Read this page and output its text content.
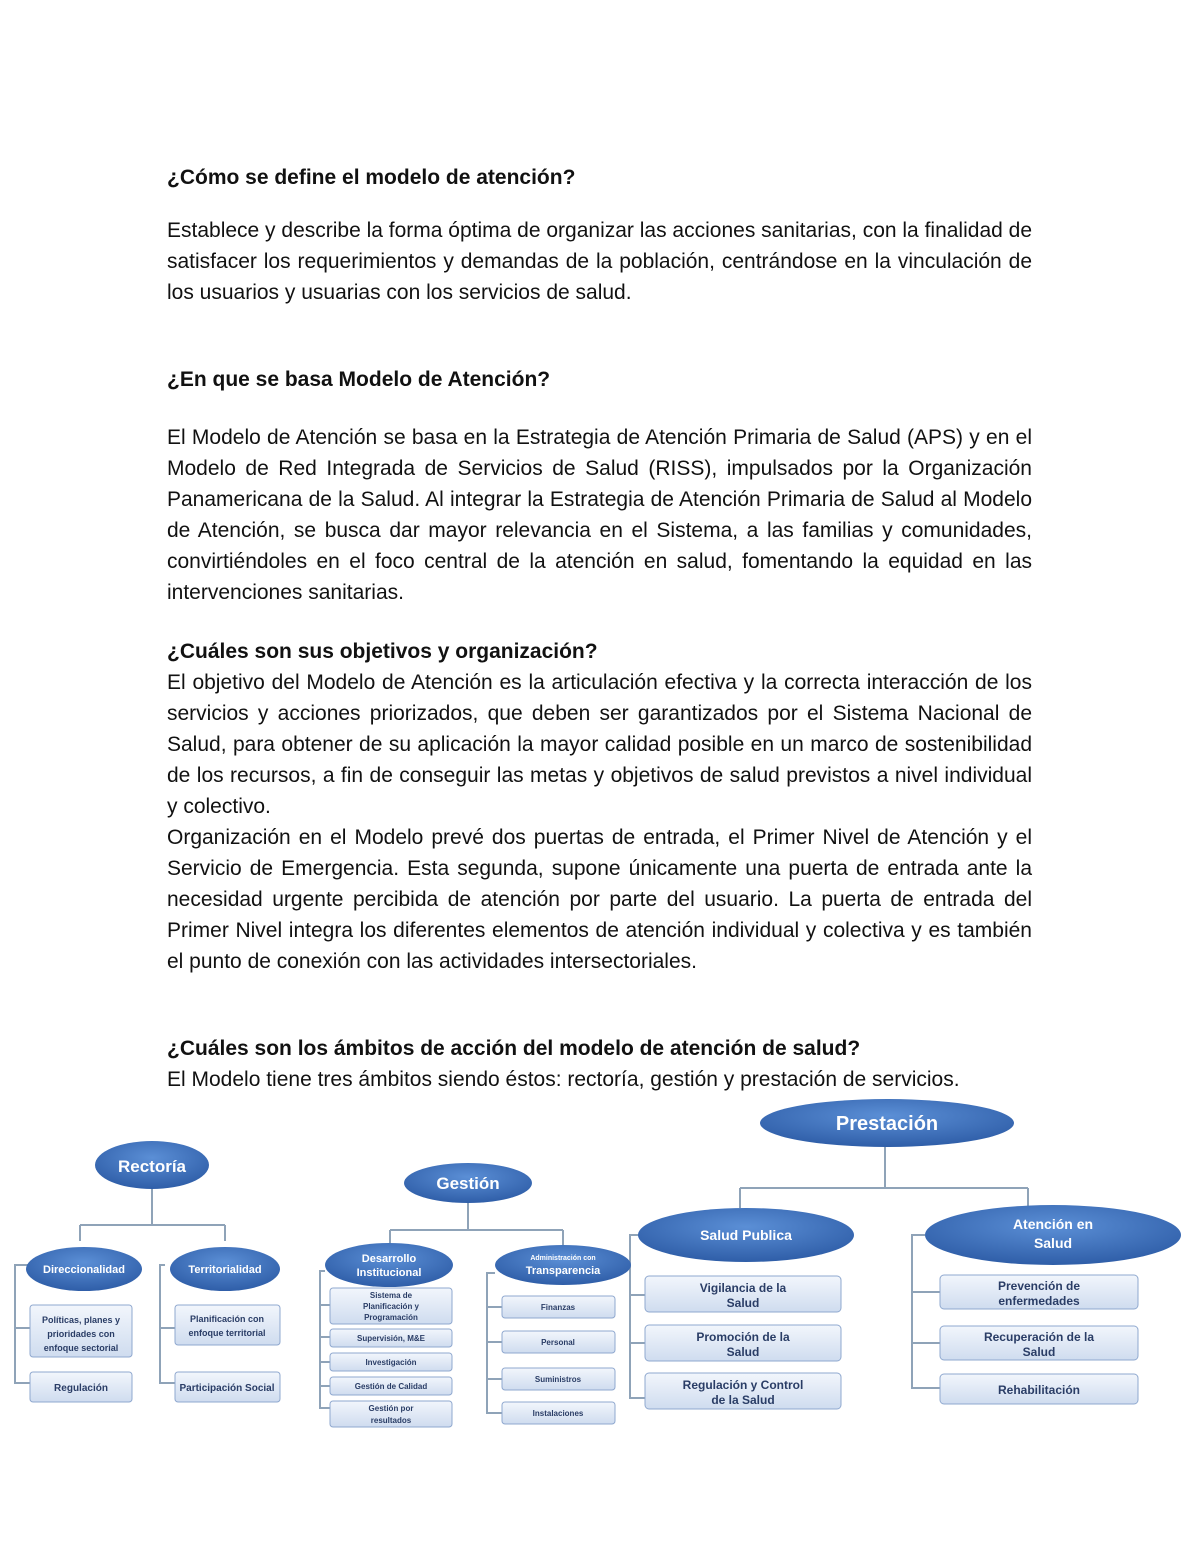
¿Cómo se define el modelo de atención?

Establece y describe la forma óptima de organizar las acciones sanitarias, con la finalidad de satisfacer los requerimientos y demandas de la población, centrándose en la vinculación de los usuarios y usuarias con los servicios de salud.

¿En que se basa Modelo de Atención?

El Modelo de Atención se basa en la Estrategia de Atención Primaria de Salud (APS) y en el Modelo de Red Integrada de Servicios de Salud (RISS), impulsados por la Organización Panamericana de la Salud. Al integrar la Estrategia de Atención Primaria de Salud al Modelo de Atención, se busca dar mayor relevancia en el Sistema, a las familias y comunidades, convirtiéndoles en el foco central de la atención en salud, fomentando la equidad en las intervenciones sanitarias.

¿Cuáles son sus objetivos y organización?

El objetivo del Modelo de Atención es la articulación efectiva y la correcta interacción de los servicios y acciones priorizados, que deben ser garantizados por el Sistema Nacional de Salud, para obtener de su aplicación la mayor calidad posible en un marco de sostenibilidad de los recursos, a fin de conseguir las metas y objetivos de salud previstos a nivel individual y colectivo.

Organización en el Modelo prevé dos puertas de entrada, el Primer Nivel de Atención y el Servicio de Emergencia. Esta segunda, supone únicamente una puerta de entrada ante la necesidad urgente percibida de atención por parte del usuario. La puerta de entrada del Primer Nivel integra los diferentes elementos de atención individual y colectiva y es también el punto de conexión con las actividades intersectoriales.

¿Cuáles son los ámbitos de acción del modelo de atención de salud?

El Modelo tiene tres ámbitos siendo éstos: rectoría, gestión y prestación de servicios.

Rectoría
Direccionalidad	Territorialidad
Políticas, planes y
prioridades con
enfoque sectorial
Regulación
Planificación con
enfoque territorial
Participación Social
Gestión
Desarrollo
Institucional
Administración con
Transparencia
Sistema de
Planificación y
Programación
Supervisión, M&E
Investigación
Gestión de Calidad
Gestión por
resultados
Finanzas
Personal
Suministros
Instalaciones
Prestación
Salud Publica
Atención en
Salud
Vigilancia de la
Salud
Promoción de la
Salud
Regulación y Control
de la Salud
Prevención de
enfermedades
Recuperación de la
Salud
Rehabilitación
